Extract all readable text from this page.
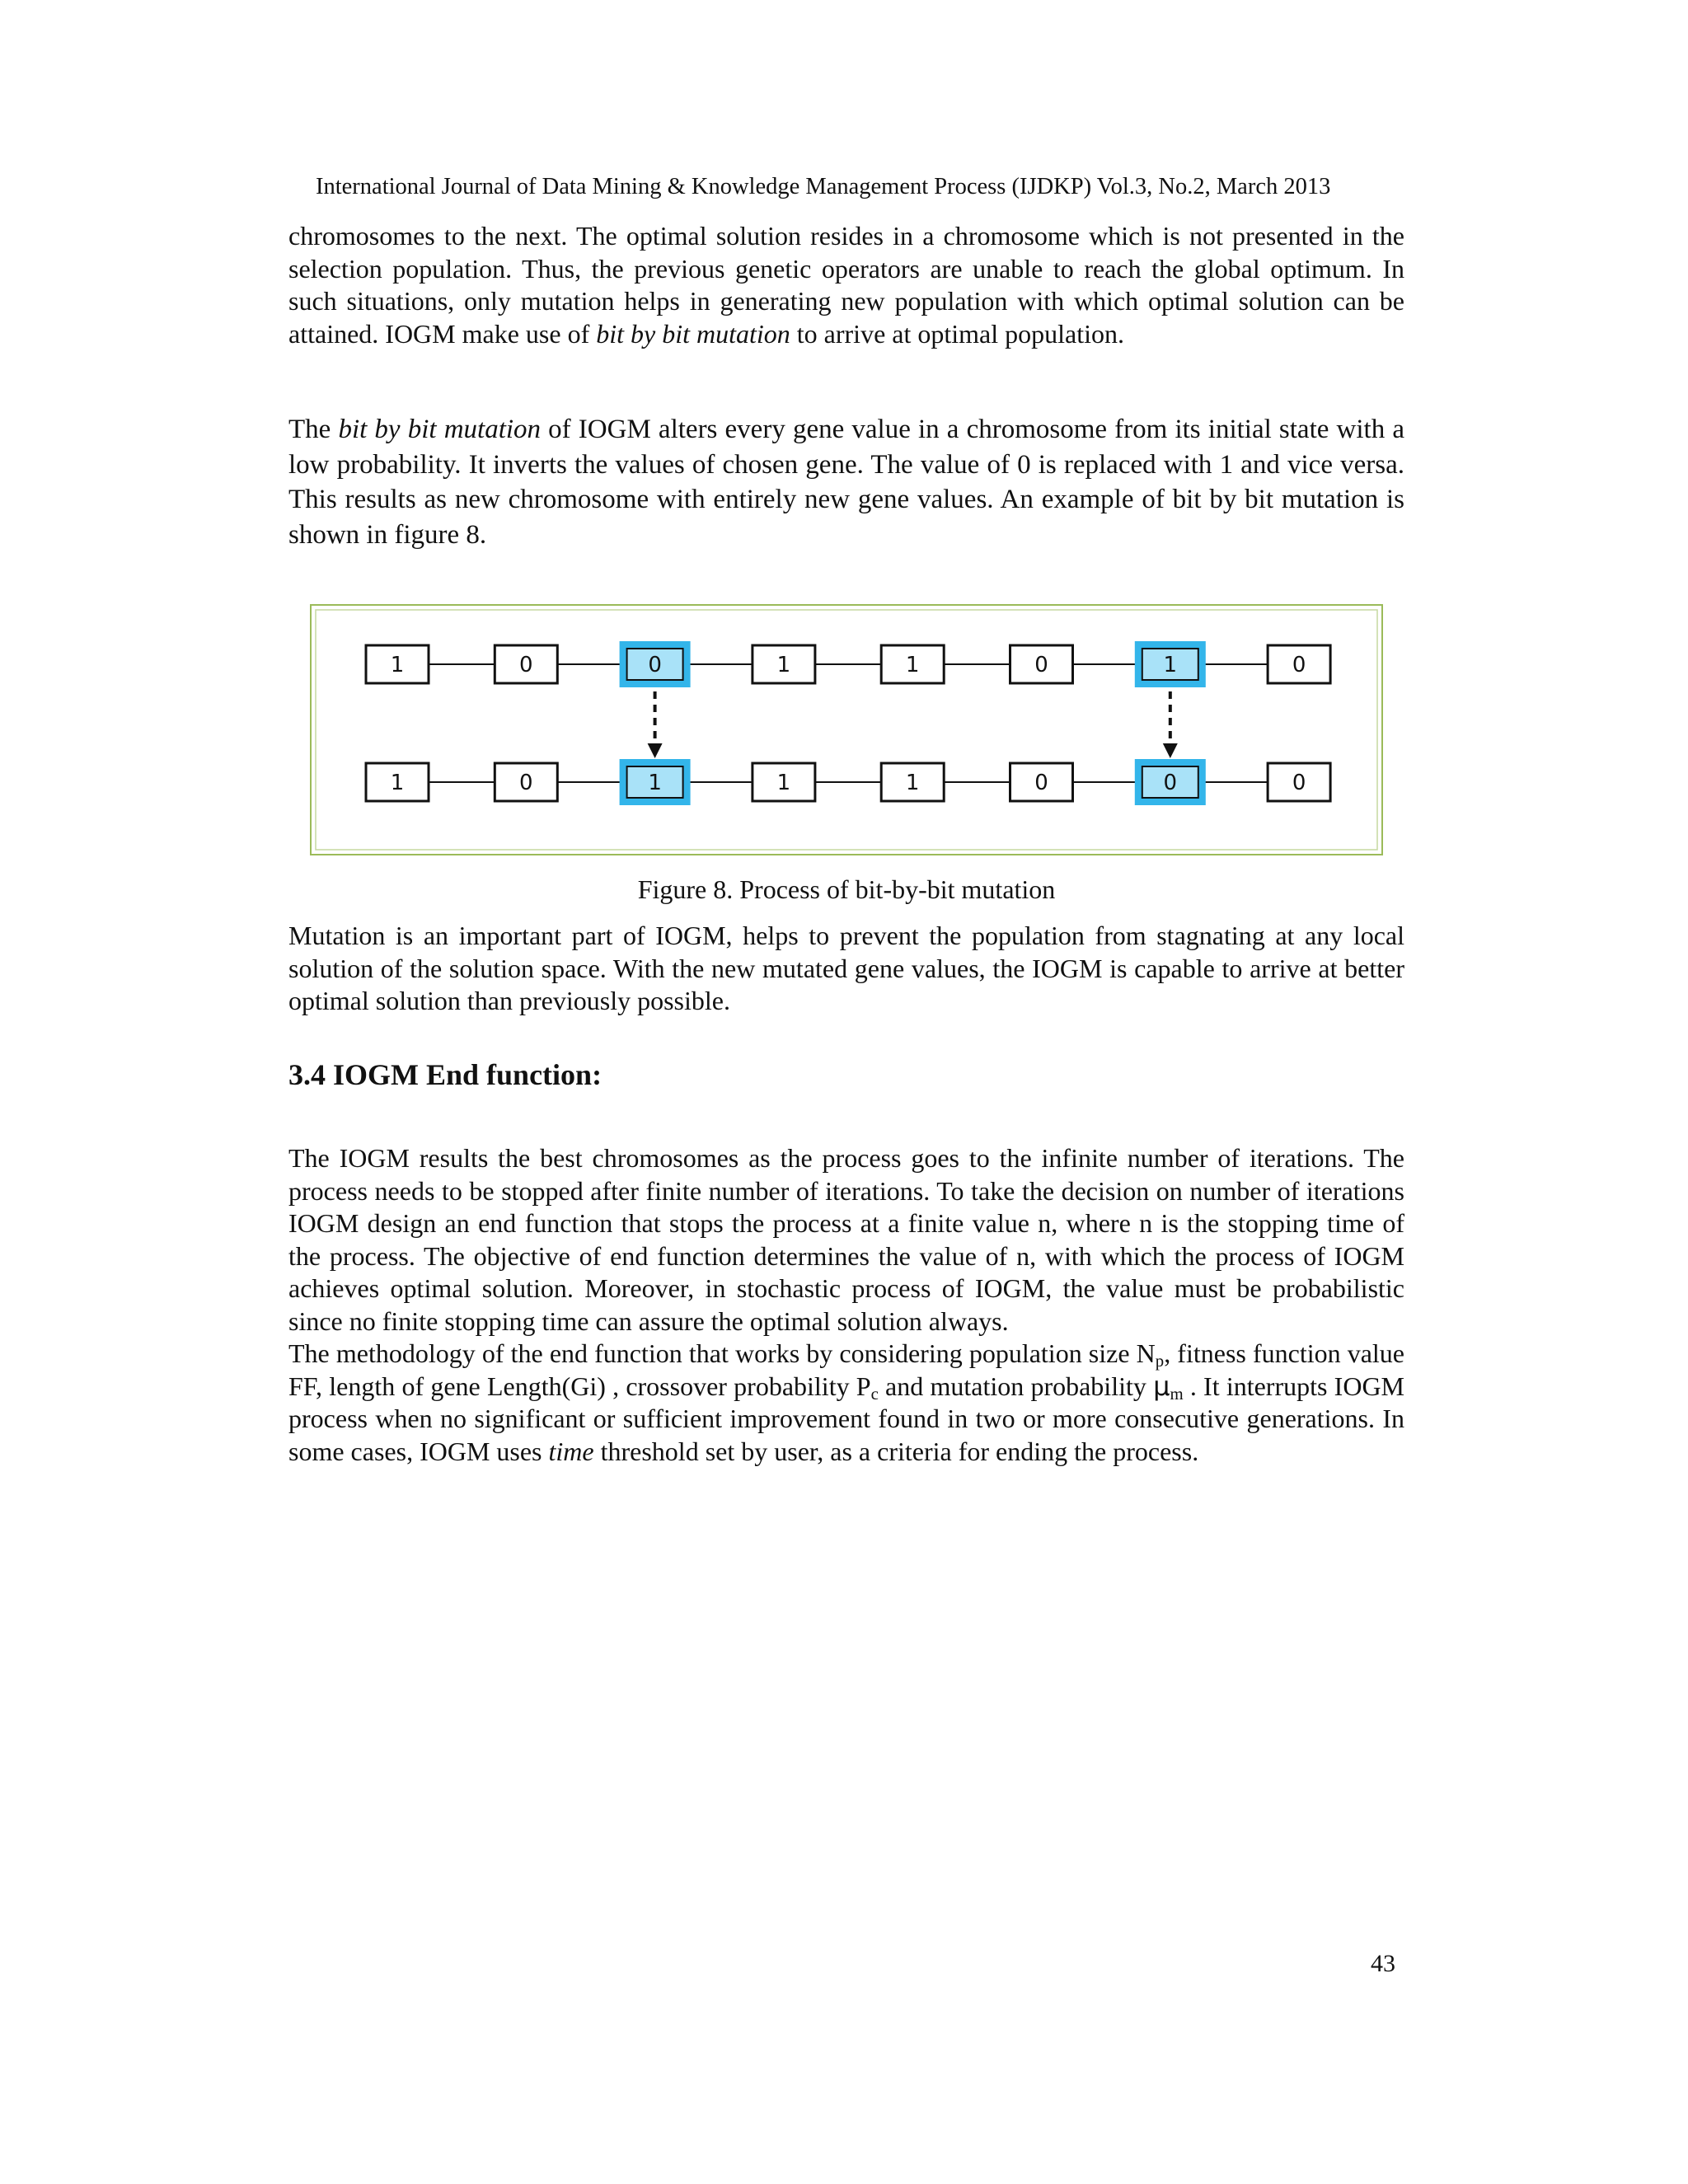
International Journal of Data Mining & Knowledge Management Process (IJDKP) Vol.3, No.2, March 2013

chromosomes to the next. The optimal solution resides in a chromosome which is not presented in the selection population. Thus, the previous genetic operators are unable to reach the global optimum. In such situations, only mutation helps in generating new population with which optimal solution can be attained. IOGM make use of bit by bit mutation to arrive at optimal population.

The bit by bit mutation of IOGM alters every gene value in a chromosome from its initial state with a low probability. It inverts the values of chosen gene. The value of 0 is replaced with 1 and vice versa. This results as new chromosome with entirely new gene values. An example of bit by bit mutation is shown in figure 8.

1	0	0	1	1	0	1	0
1	0	1	1	1	0	0	0
Figure 8. Process of bit-by-bit mutation

Mutation is an important part of IOGM, helps to prevent the population from stagnating at any local solution of the solution space. With the new mutated gene values, the IOGM is capable to arrive at better optimal solution than previously possible.

3.4 IOGM End function:

The IOGM results the best chromosomes as the process goes to the infinite number of iterations. The process needs to be stopped after finite number of iterations. To take the decision on number of iterations IOGM design an end function that stops the process at a finite value n, where n is the stopping time of the process. The objective of end function determines the value of n, with which the process of IOGM achieves optimal solution. Moreover, in stochastic process of IOGM, the value must be probabilistic since no finite stopping time can assure the optimal solution always.

The methodology of the end function that works by considering population size $N_p$, fitness function value FF, length of gene Length(Gi) , crossover probability $P_c$ and mutation probability µ$_m$ . It interrupts IOGM process when no significant or sufficient improvement found in two or more consecutive generations. In some cases, IOGM uses time threshold set by user, as a criteria for ending the process.

43
